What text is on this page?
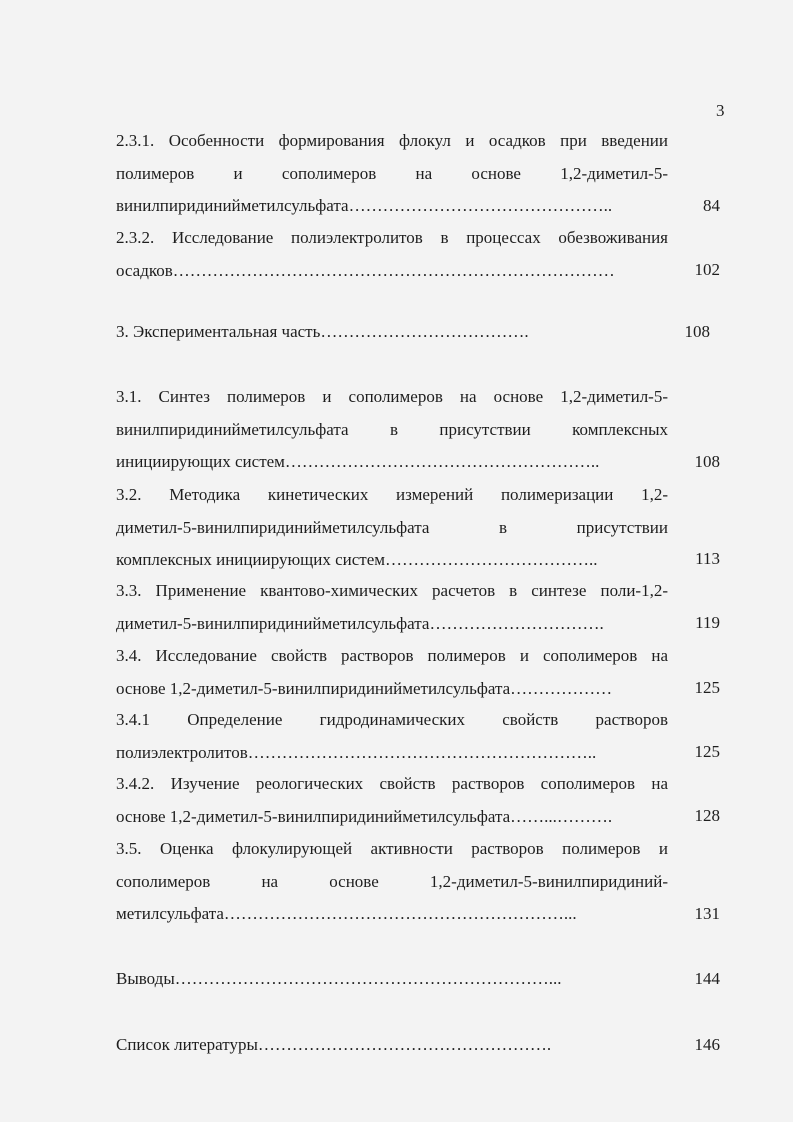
3
2.3.1. Особенности формирования флокул и осадков при введении
полимеров и сополимеров на основе 1,2-диметил-5-
винилпиридинийметилсульфата………………………………………..	84
2.3.2. Исследование полиэлектролитов в процессах обезвоживания
осадков……………………………………………………………………	102
3. Экспериментальная часть……………………………….	108
3.1. Синтез полимеров и сополимеров на основе 1,2-диметил-5-
винилпиридинийметилсульфата в присутствии комплексных
инициирующих систем………………………………………………..	108
3.2. Методика кинетических измерений полимеризации 1,2-
диметил-5-винилпиридинийметилсульфата в присутствии
комплексных инициирующих систем………………………………..	113
3.3. Применение квантово-химических расчетов в синтезе поли-1,2-
диметил-5-винилпиридинийметилсульфата………………………….	119
3.4. Исследование свойств растворов полимеров и сополимеров на
основе 1,2-диметил-5-винилпиридинийметилсульфата………………	125
3.4.1 Определение гидродинамических свойств растворов
полиэлектролитов……………………………………………………..	125
3.4.2. Изучение реологических свойств растворов сополимеров на
основе 1,2-диметил-5-винилпиридинийметилсульфата……...……….	128
3.5. Оценка флокулирующей активности растворов полимеров и
сополимеров на основе 1,2-диметил-5-винилпиридиний-
метилсульфата……………………………………………………...	131
Выводы…………………………………………………………...	144
Список литературы…………………………………………….	146
